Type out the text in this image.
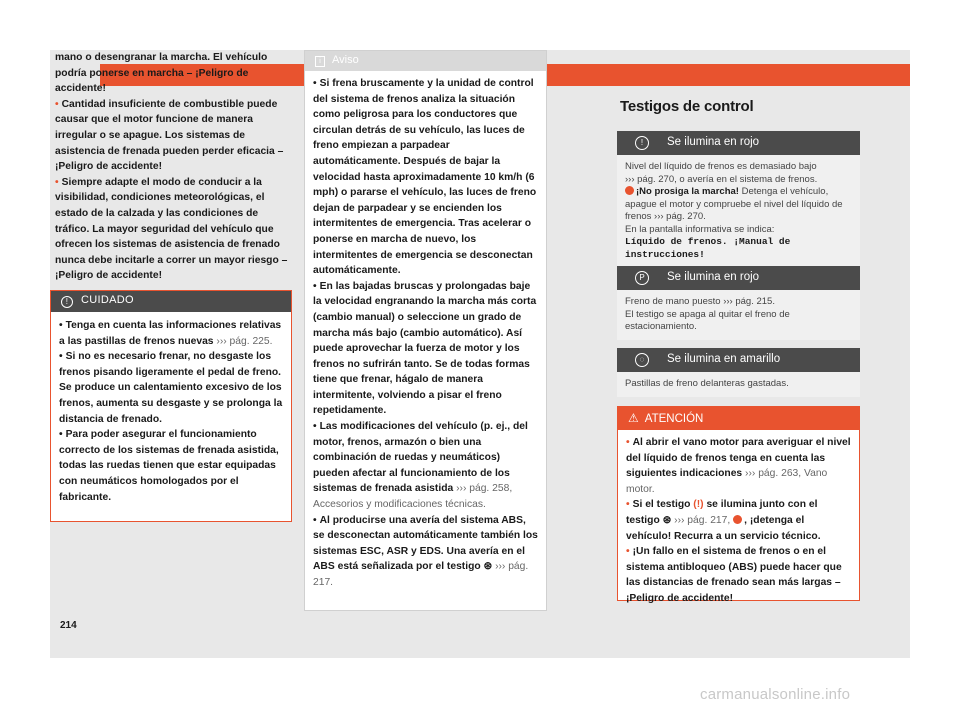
mano o desengranar la marcha. El vehículo podría ponerse en marcha – ¡Peligro de accidente!
• Cantidad insuficiente de combustible puede causar que el motor funcione de manera irregular o se apague. Los sistemas de asistencia de frenada pueden perder eficacia – ¡Peligro de accidente!
• Siempre adapte el modo de conducir a la visibilidad, condiciones meteorológicas, el estado de la calzada y las condiciones de tráfico. La mayor seguridad del vehículo que ofrecen los sistemas de asistencia de frenado nunca debe incitarle a correr un mayor riesgo – ¡Peligro de accidente!
! CUIDADO
• Tenga en cuenta las informaciones relativas a las pastillas de frenos nuevas ››› pág. 225.
• Si no es necesario frenar, no desgaste los frenos pisando ligeramente el pedal de freno. Se produce un calentamiento excesivo de los frenos, aumenta su desgaste y se prolonga la distancia de frenado.
• Para poder asegurar el funcionamiento correcto de los sistemas de frenada asistida, todas las ruedas tienen que estar equipadas con neumáticos homologados por el fabricante.
i Aviso
• Si frena bruscamente y la unidad de control del sistema de frenos analiza la situación como peligrosa para los conductores que circulan detrás de su vehículo, las luces de freno empiezan a parpadear automáticamente. Después de bajar la velocidad hasta aproximadamente 10 km/h (6 mph) o pararse el vehículo, las luces de freno dejan de parpadear y se encienden los intermitentes de emergencia. Tras acelerar o ponerse en marcha de nuevo, los intermitentes de emergencia se desconectan automáticamente.
• En las bajadas bruscas y prolongadas baje la velocidad engranando la marcha más corta (cambio manual) o seleccione un grado de marcha más bajo (cambio automático). Así puede aprovechar la fuerza de motor y los frenos no sufrirán tanto. Se de todas formas tiene que frenar, hágalo de manera intermitente, volviendo a pisar el freno repetidamente.
• Las modificaciones del vehículo (p. ej., del motor, frenos, armazón o bien una combinación de ruedas y neumáticos) pueden afectar al funcionamiento de los sistemas de frenada asistida ››› pág. 258, Accesorios y modificaciones técnicas.
• Al producirse una avería del sistema ABS, se desconectan automáticamente también los sistemas ESC, ASR y EDS. Una avería en el ABS está señalizada por el testigo ⊛ ››› pág. 217.
Testigos de control
!	Se ilumina en rojo
Nivel del líquido de frenos es demasiado bajo
››› pág. 270, o avería en el sistema de frenos.
¡No prosiga la marcha! Detenga el vehículo, apague el motor y compruebe el nivel del líquido de frenos ››› pág. 270.
En la pantalla informativa se indica:
Líquido de frenos. ¡Manual de instrucciones!
P	Se ilumina en rojo
Freno de mano puesto ››› pág. 215.
El testigo se apaga al quitar el freno de estacionamiento.
◌	Se ilumina en amarillo
Pastillas de freno delanteras gastadas.
⚠ ATENCIÓN
• Al abrir el vano motor para averiguar el nivel del líquido de frenos tenga en cuenta las siguientes indicaciones ››› pág. 263, Vano motor.
• Si el testigo (!) se ilumina junto con el testigo ⊛ ››› pág. 217, , ¡detenga el vehículo! Recurra a un servicio técnico.
• ¡Un fallo en el sistema de frenos o en el sistema antibloqueo (ABS) puede hacer que las distancias de frenado sean más largas – ¡Peligro de accidente!
214
carmanualsonline.info
